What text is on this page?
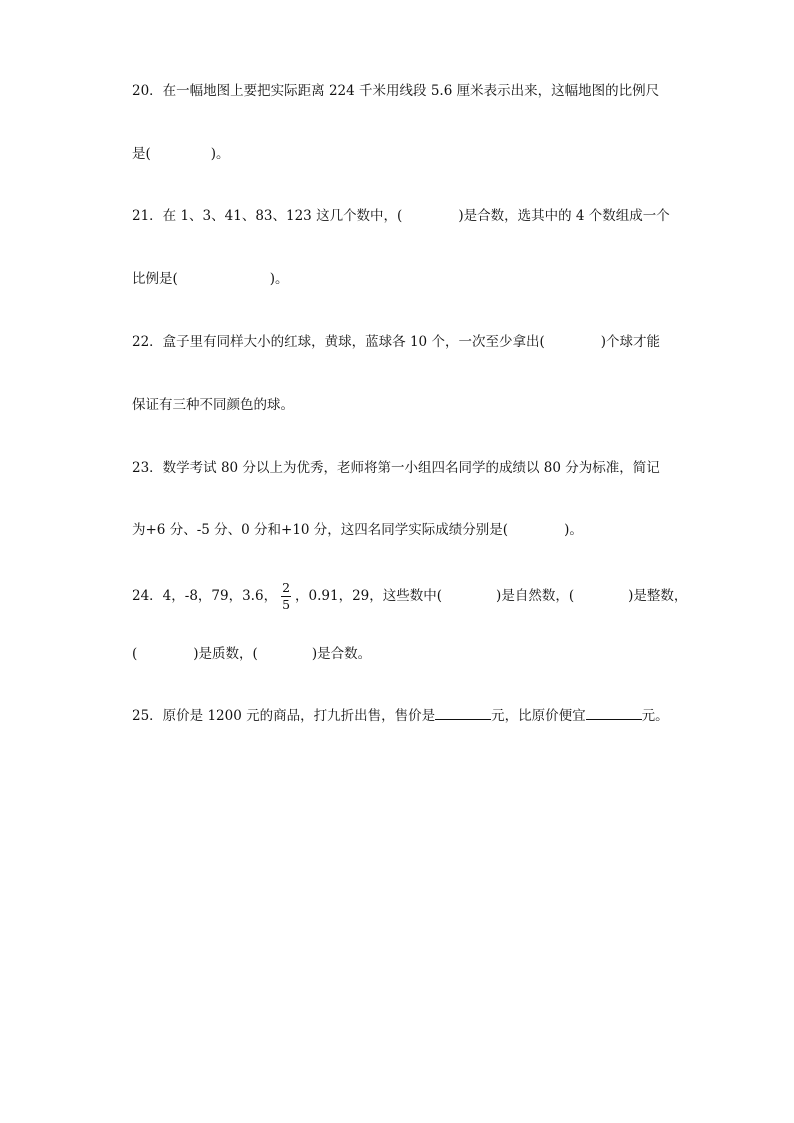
20．在一幅地图上要把实际距离 224 千米用线段 5.6 厘米表示出来，这幅地图的比例尺
是(	)。
21．在 1、3、41、83、123 这几个数中，(	)是合数，选其中的 4 个数组成一个
比例是(	)。
22．盒子里有同样大小的红球，黄球，蓝球各 10 个，一次至少拿出(	)个球才能
保证有三种不同颜色的球。
23．数学考试 80 分以上为优秀，老师将第一小组四名同学的成绩以 80 分为标准，简记
为+6 分、-5 分、0 分和+10 分，这四名同学实际成绩分别是(	)。
24．4，-8，79，3.6， $\frac{2}{5}$ ，0.91，29，这些数中(	)是自然数，(	)是整数，
(	)是质数，(	)是合数。
25．原价是 1200 元的商品，打九折出售，售价是	元，比原价便宜	元。
